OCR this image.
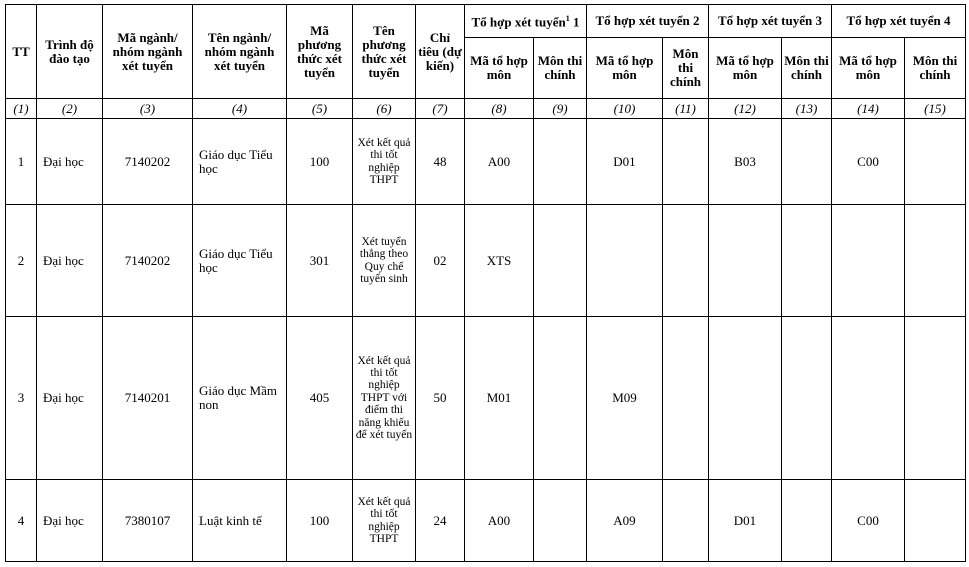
TT	Trình độ đào tạo	Mã ngành/ nhóm ngành xét tuyển	Tên ngành/ nhóm ngành xét tuyển	Mã phương thức xét tuyển	Tên phương thức xét tuyển	Chỉ tiêu (dự kiến)	Tổ hợp xét tuyển$^1$ 1		Tổ hợp xét tuyển 2		Tổ hợp xét tuyển 3		Tổ hợp xét tuyển 4	
							Mã tổ hợp môn	Môn thi chính	Mã tổ hợp môn	Môn thi chính	Mã tổ hợp môn	Môn thi chính	Mã tổ hợp môn	Môn thi chính
(1)	(2)	(3)	(4)	(5)	(6)	(7)	(8)	(9)	(10)	(11)	(12)	(13)	(14)	(15)
1	Đại học	7140202	Giáo dục Tiểu học	100	Xét kết quả thi tốt nghiệp THPT	48	A00		D01		B03		C00	
2	Đại học	7140202	Giáo dục Tiểu học	301	Xét tuyển thẳng theo Quy chế tuyển sinh	02	XTS							
3	Đại học	7140201	Giáo dục Mầm non	405	Xét kết quả thi tốt nghiệp THPT với điểm thi năng khiếu để xét tuyển	50	M01		M09					
4	Đại học	7380107	Luật kinh tế	100	Xét kết quả thi tốt nghiệp THPT	24	A00		A09		D01		C00	
